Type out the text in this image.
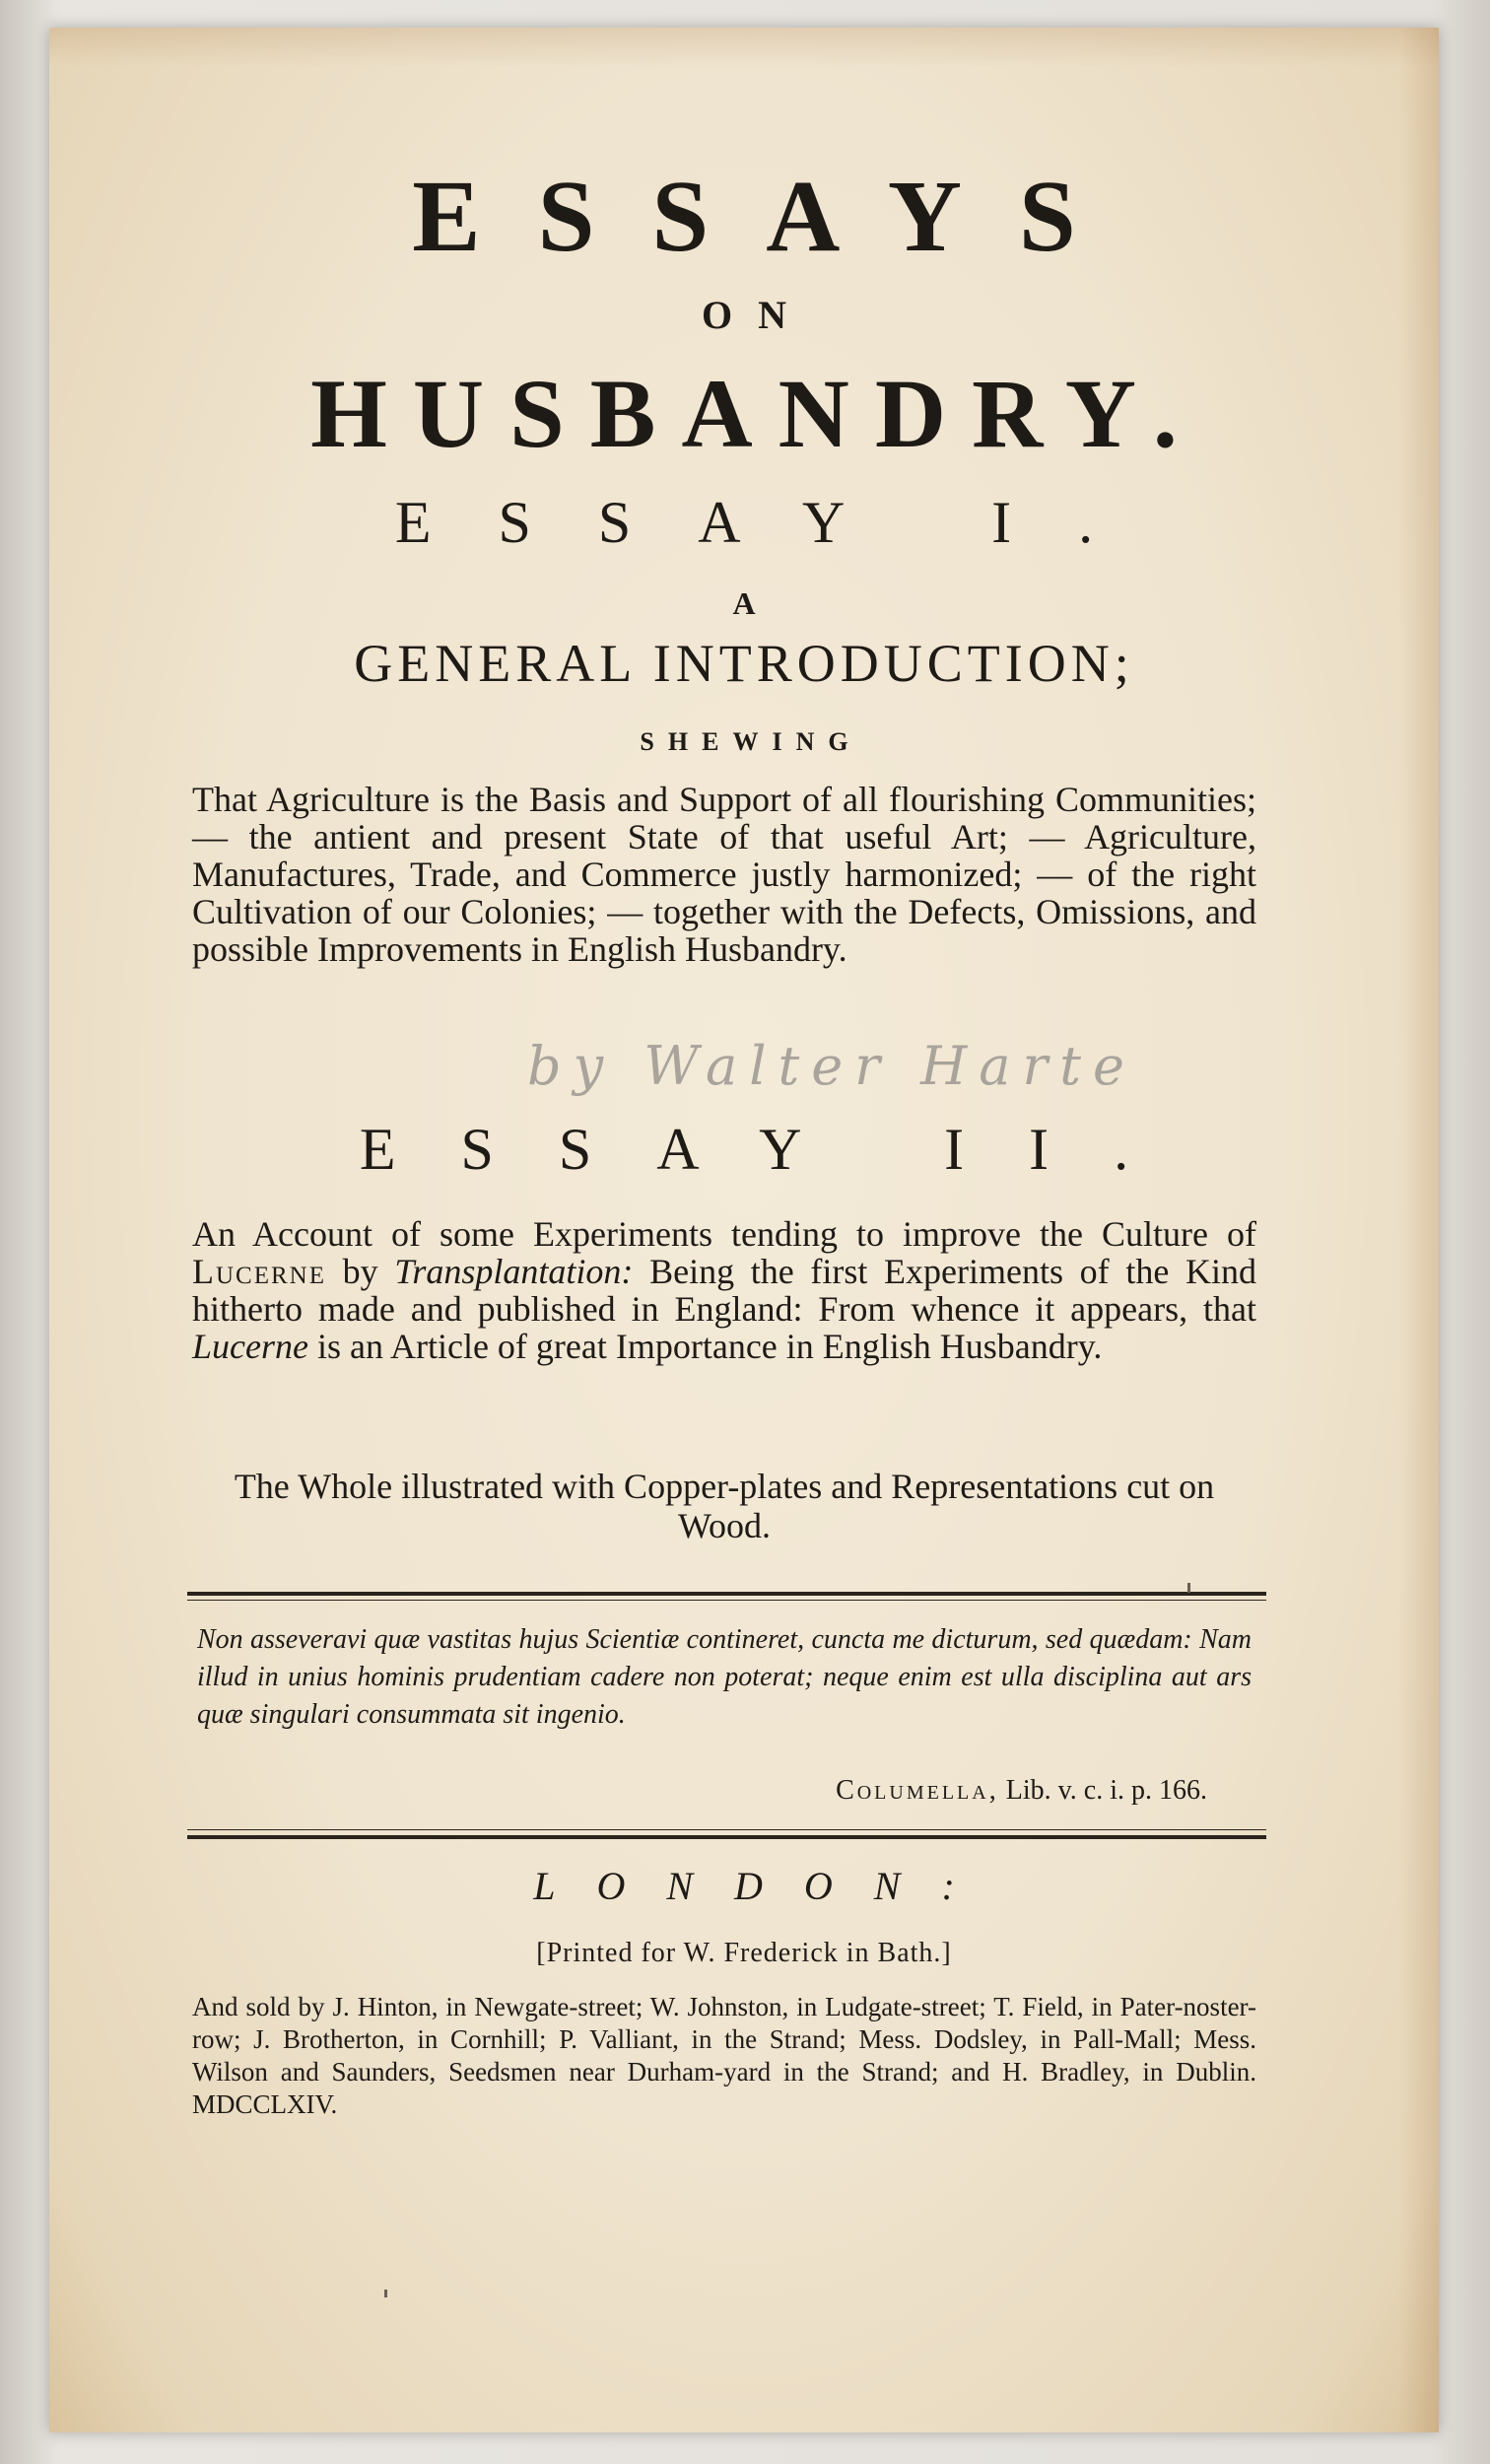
ESSAYS
ON
HUSBANDRY.
ESSAY I.
A
GENERAL INTRODUCTION;
SHEWING
That Agriculture is the Basis and Support of all flourishing Communities; — the antient and present State of that useful Art; — Agriculture, Manufactures, Trade, and Commerce justly harmonized; — of the right Cultivation of our Colonies; — together with the Defects, Omissions, and possible Improvements in English Husbandry.
by Walter Harte
ESSAY II.
An Account of some Experiments tending to improve the Culture of Lucerne by Transplantation: Being the first Experiments of the Kind hitherto made and published in England: From whence it appears, that Lucerne is an Article of great Importance in English Husbandry.
The Whole illustrated with Copper-plates and Representations cut on Wood.
Non asseveravi quæ vastitas hujus Scientiæ contineret, cuncta me dicturum, sed quædam: Nam illud in unius hominis prudentiam cadere non poterat; neque enim est ulla disciplina aut ars quæ singulari consummata sit ingenio.
Columella, Lib. v. c. i. p. 166.
LONDON:
[Printed for W. Frederick in Bath.]
And sold by J. Hinton, in Newgate-street; W. Johnston, in Ludgate-street; T. Field, in Pater-noster-row; J. Brotherton, in Cornhill; P. Valliant, in the Strand; Mess. Dodsley, in Pall-Mall; Mess. Wilson and Saunders, Seedsmen near Durham-yard in the Strand; and H. Bradley, in Dublin. MDCCLXIV.
